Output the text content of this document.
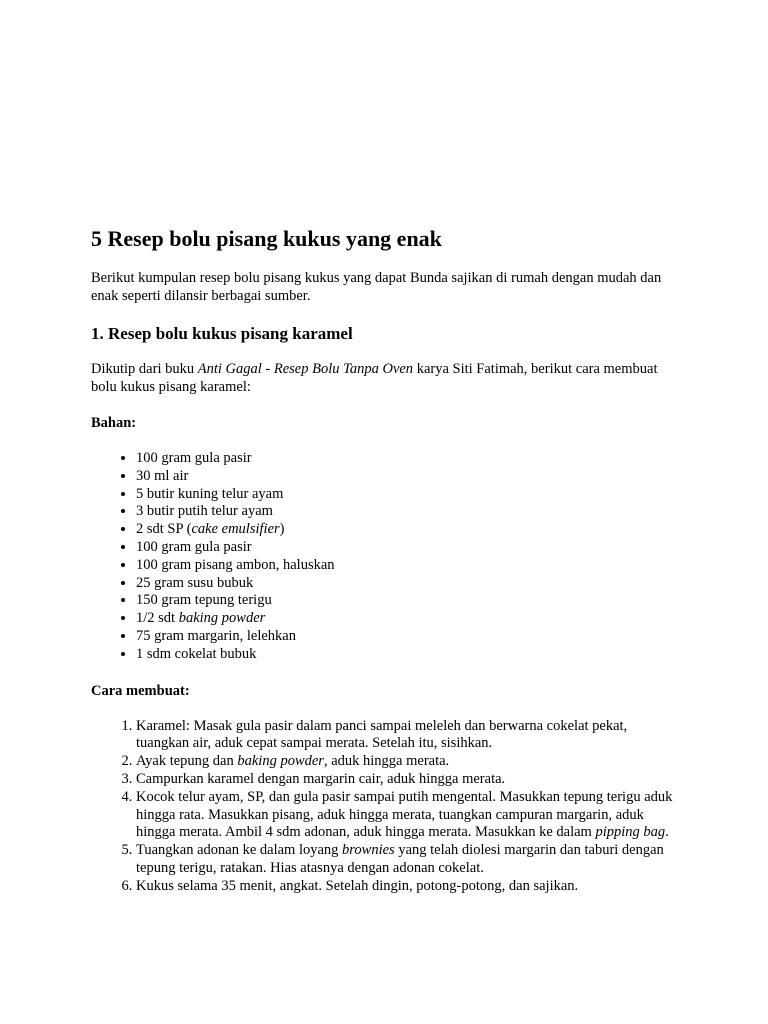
5 Resep bolu pisang kukus yang enak

Berikut kumpulan resep bolu pisang kukus yang dapat Bunda sajikan di rumah dengan mudah dan enak seperti dilansir berbagai sumber.

1. Resep bolu kukus pisang karamel

Dikutip dari buku Anti Gagal - Resep Bolu Tanpa Oven karya Siti Fatimah, berikut cara membuat bolu kukus pisang karamel:

Bahan:

• 100 gram gula pasir
• 30 ml air
• 5 butir kuning telur ayam
• 3 butir putih telur ayam
• 2 sdt SP (cake emulsifier)
• 100 gram gula pasir
• 100 gram pisang ambon, haluskan
• 25 gram susu bubuk
• 150 gram tepung terigu
• 1/2 sdt baking powder
• 75 gram margarin, lelehkan
• 1 sdm cokelat bubuk

Cara membuat:

1. Karamel: Masak gula pasir dalam panci sampai meleleh dan berwarna cokelat pekat, tuangkan air, aduk cepat sampai merata. Setelah itu, sisihkan.
2. Ayak tepung dan baking powder, aduk hingga merata.
3. Campurkan karamel dengan margarin cair, aduk hingga merata.
4. Kocok telur ayam, SP, dan gula pasir sampai putih mengental. Masukkan tepung terigu aduk hingga rata. Masukkan pisang, aduk hingga merata, tuangkan campuran margarin, aduk hingga merata. Ambil 4 sdm adonan, aduk hingga merata. Masukkan ke dalam pipping bag.
5. Tuangkan adonan ke dalam loyang brownies yang telah diolesi margarin dan taburi dengan tepung terigu, ratakan. Hias atasnya dengan adonan cokelat.
6. Kukus selama 35 menit, angkat. Setelah dingin, potong-potong, dan sajikan.
